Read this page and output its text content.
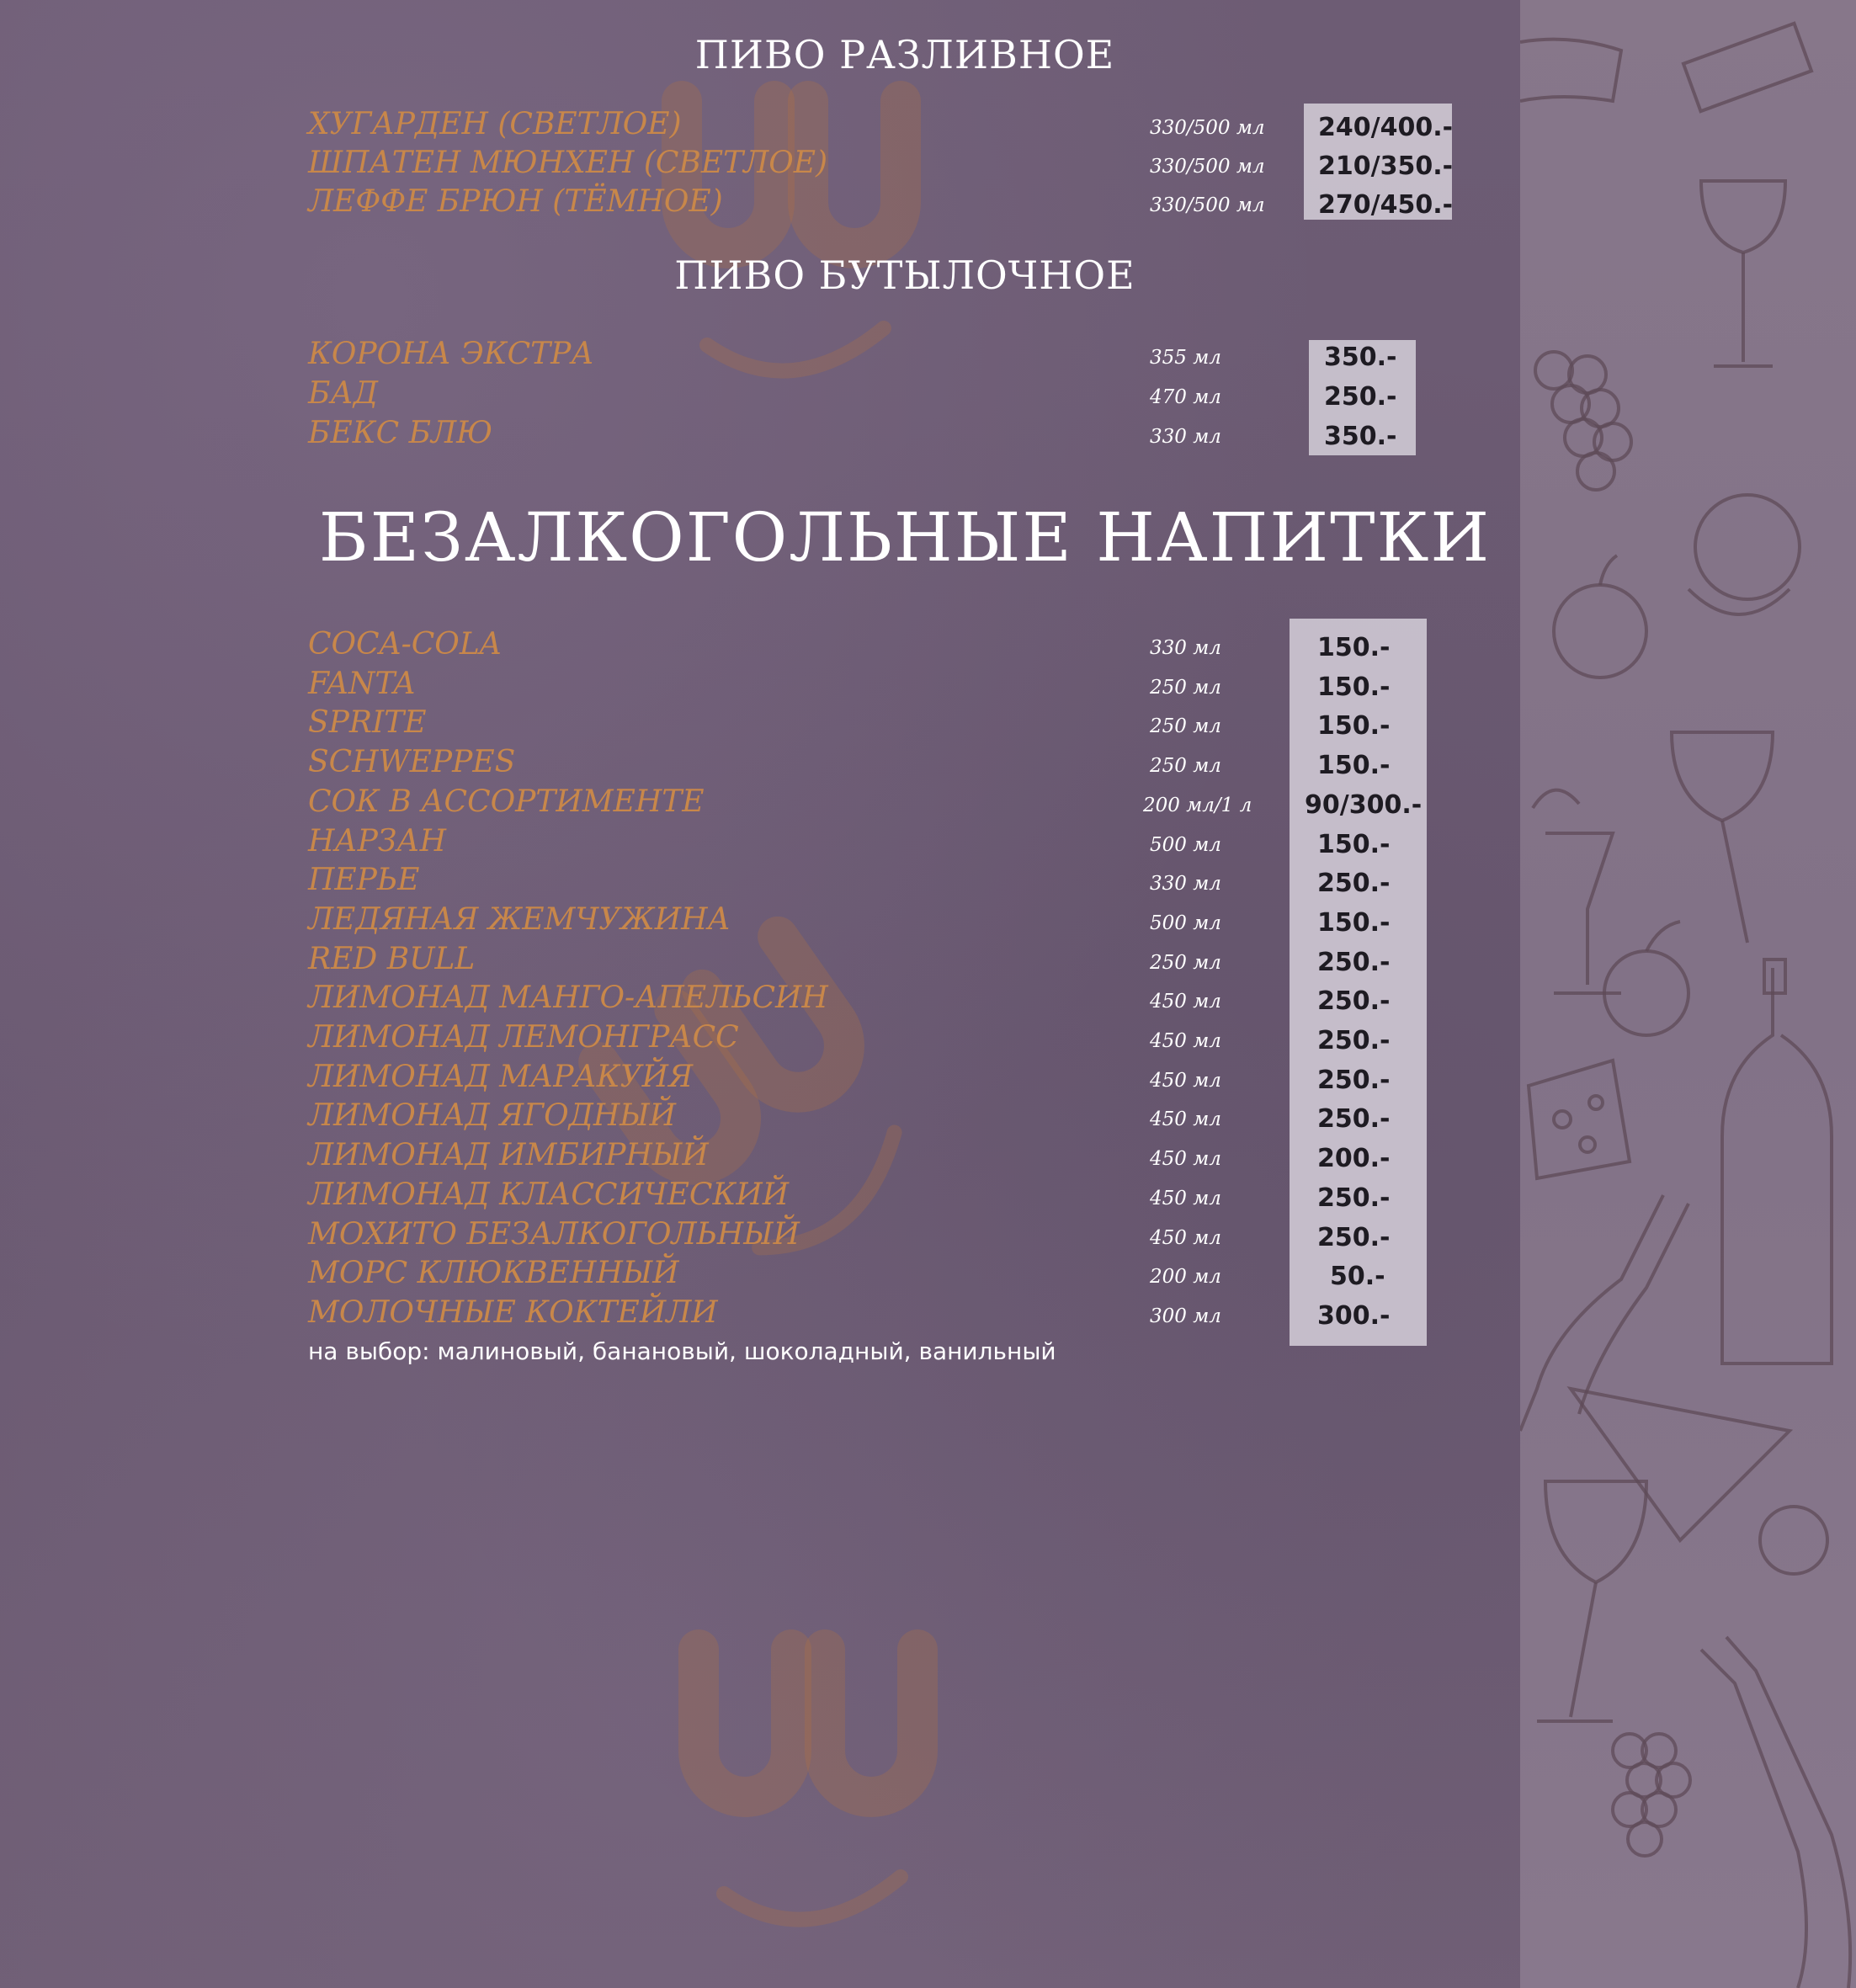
ПИВО РАЗЛИВНОЕ
ПИВО БУТЫЛОЧНОЕ
БЕЗАЛКОГОЛЬНЫЕ НАПИТКИ
ХУГАРДЕН (СВЕТЛОЕ)	330/500 мл 240/400.-
ШПАТЕН МЮНХЕН (СВЕТЛОЕ)	330/500 мл 210/350.-
ЛЕФФЕ БРЮН (ТЁМНОЕ)	330/500 мл 270/450.-
КОРОНА ЭКСТРА	355 мл	350.-
БАД	470 мл	250.-
БЕКС БЛЮ	330 мл	350.-
COCA-COLA	330 мл	150.-
FANTA	250 мл	150.-
SPRITE	250 мл	150.-
SCHWEPPES	250 мл	150.-
СОК В АССОРТИМЕНТЕ	200 мл/1 л 90/300.-
НАРЗАН	500 мл	150.-
ПЕРЬЕ	330 мл	250.-
ЛЕДЯНАЯ ЖЕМЧУЖИНА	500 мл	150.-
RED BULL	250 мл	250.-
ЛИМОНАД МАНГО-АПЕЛЬСИН	450 мл	250.-
ЛИМОНАД ЛЕМОНГРАСС	450 мл	250.-
ЛИМОНАД МАРАКУЙЯ	450 мл	250.-
ЛИМОНАД ЯГОДНЫЙ	450 мл	250.-
ЛИМОНАД ИМБИРНЫЙ	450 мл	200.-
ЛИМОНАД КЛАССИЧЕСКИЙ	450 мл	250.-
МОХИТО БЕЗАЛКОГОЛЬНЫЙ	450 мл	250.-
МОРС КЛЮКВЕННЫЙ	200 мл	50.-
МОЛОЧНЫЕ КОКТЕЙЛИ	300 мл	300.-
на выбор: малиновый, банановый, шоколадный, ванильный
